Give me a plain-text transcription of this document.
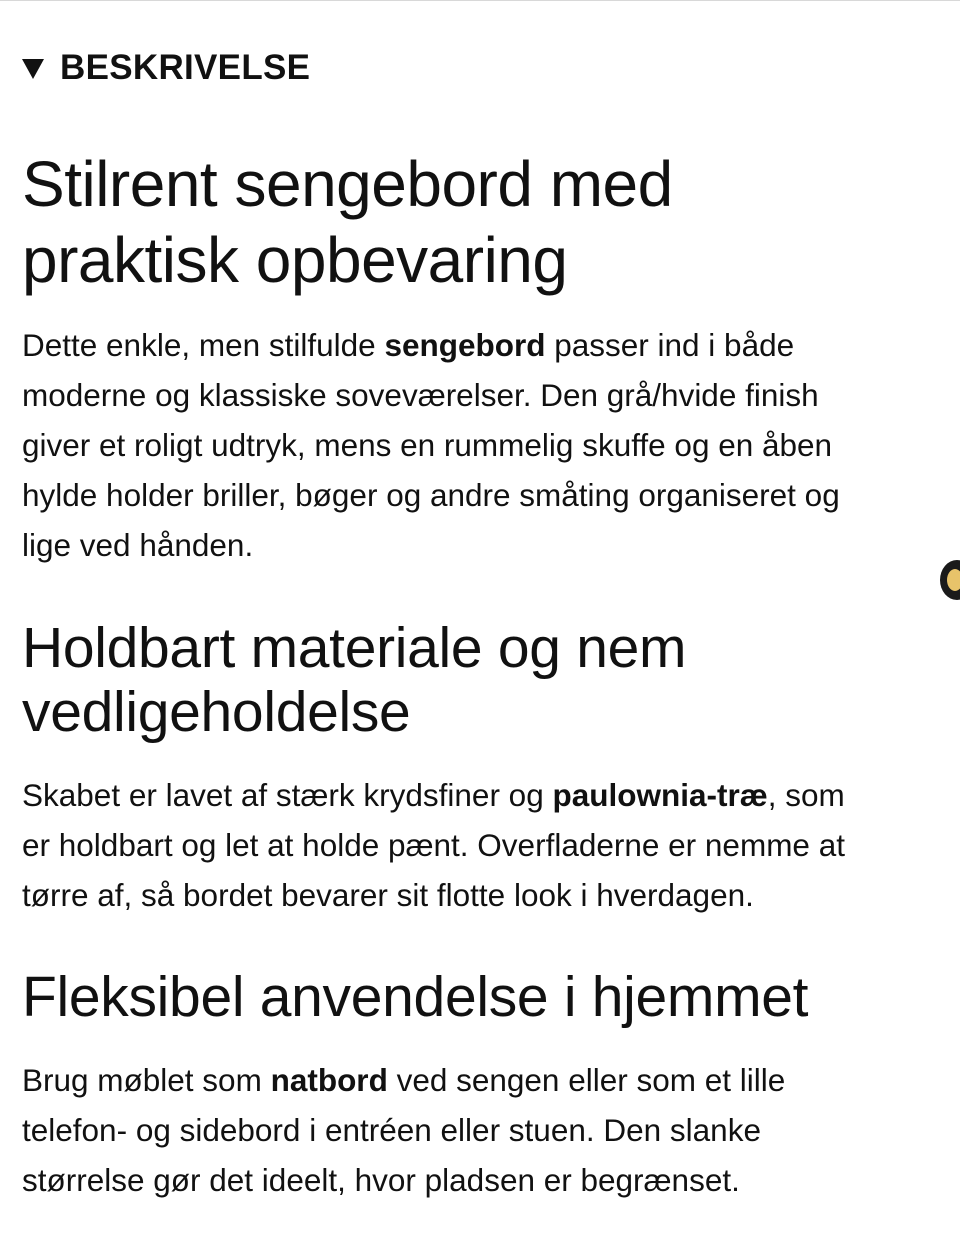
BESKRIVELSE
Stilrent sengebord med
praktisk opbevaring

Dette enkle, men stilfulde sengebord passer ind i både
moderne og klassiske soveværelser. Den grå/hvide finish
giver et roligt udtryk, mens en rummelig skuffe og en åben
hylde holder briller, bøger og andre småting organiseret og
lige ved hånden.

Holdbart materiale og nem
vedligeholdelse

Skabet er lavet af stærk krydsfiner og paulownia-træ, som
er holdbart og let at holde pænt. Overfladerne er nemme at
tørre af, så bordet bevarer sit flotte look i hverdagen.

Fleksibel anvendelse i hjemmet

Brug møblet som natbord ved sengen eller som et lille
telefon- og sidebord i entréen eller stuen. Den slanke
størrelse gør det ideelt, hvor pladsen er begrænset.
